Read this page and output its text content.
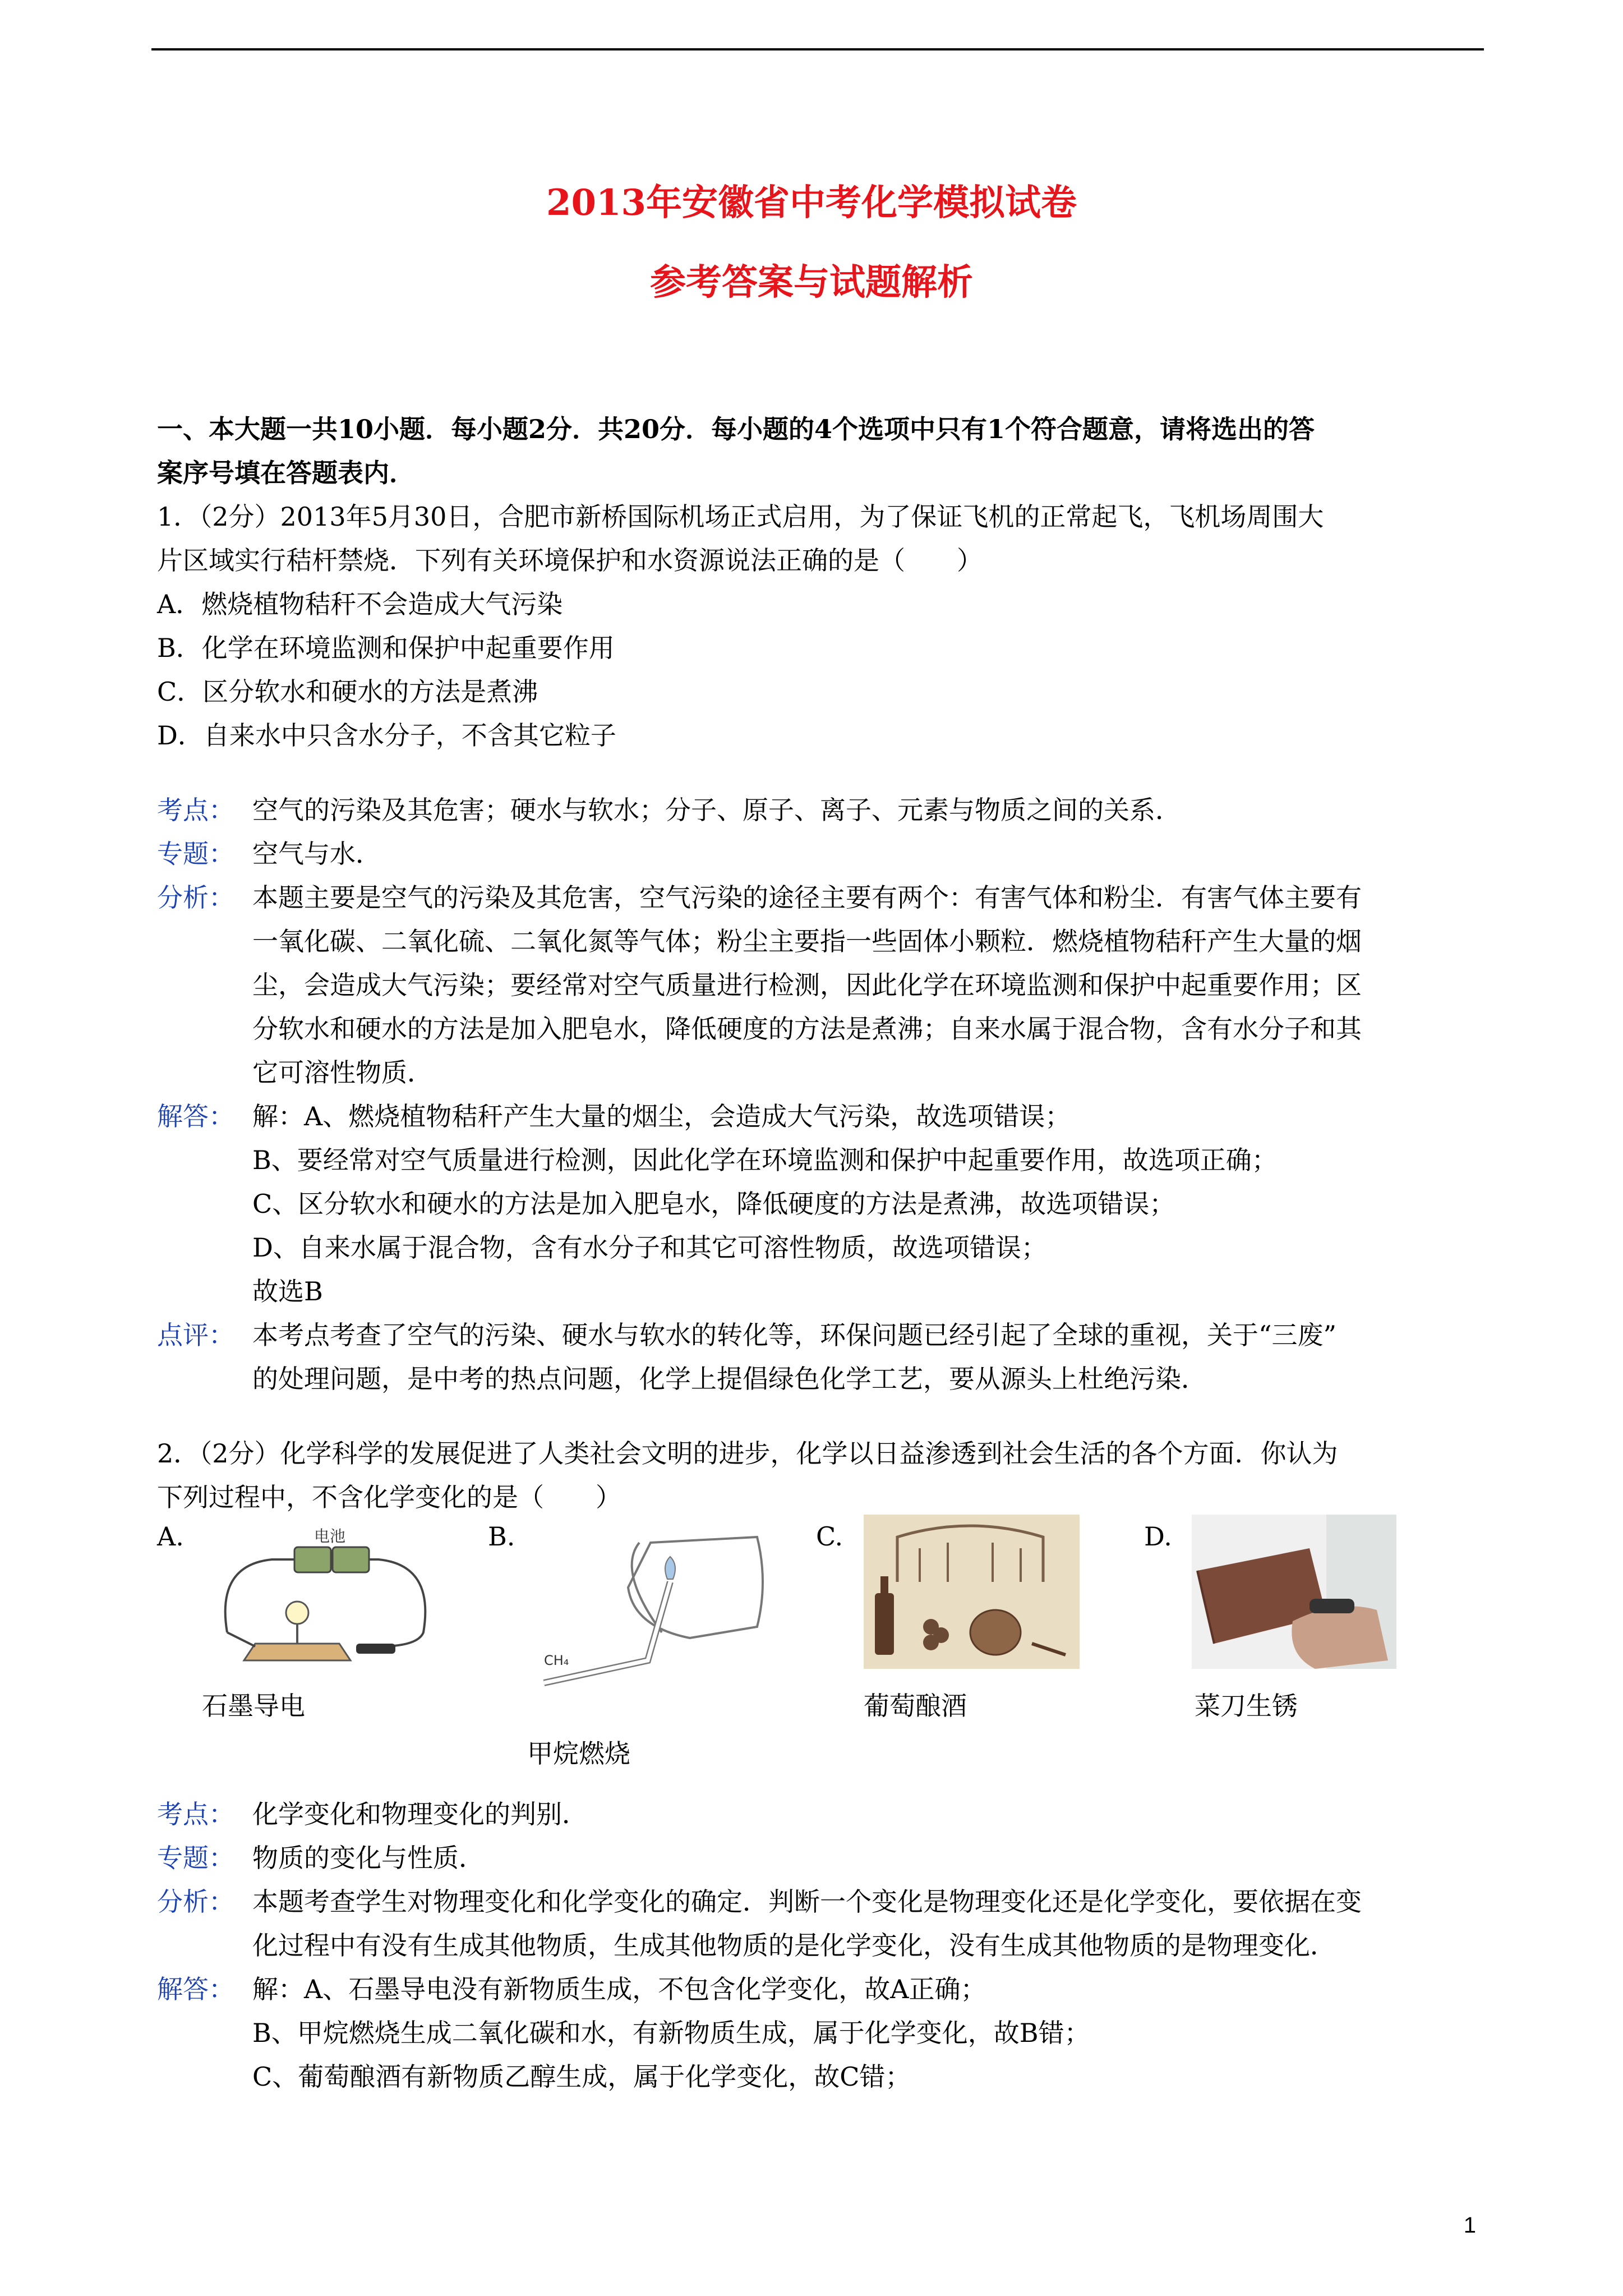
2013年安徽省中考化学模拟试卷
参考答案与试题解析
一、本大题一共10小题．每小题2分．共20分．每小题的4个选项中只有1个符合题意，请将选出的答
案序号填在答题表内．
1．（2分）2013年5月30日，合肥市新桥国际机场正式启用，为了保证飞机的正常起飞，飞机场周围大
片区域实行秸杆禁烧．下列有关环境保护和水资源说法正确的是（　　）
A．燃烧植物秸秆不会造成大气污染
B．化学在环境监测和保护中起重要作用
C．区分软水和硬水的方法是煮沸
D．自来水中只含水分子，不含其它粒子
考点： 空气的污染及其危害；硬水与软水；分子、原子、离子、元素与物质之间的关系．
专题： 空气与水．
分析： 本题主要是空气的污染及其危害，空气污染的途径主要有两个：有害气体和粉尘．有害气体主要有
一氧化碳、二氧化硫、二氧化氮等气体；粉尘主要指一些固体小颗粒．燃烧植物秸秆产生大量的烟
尘，会造成大气污染；要经常对空气质量进行检测，因此化学在环境监测和保护中起重要作用；区
分软水和硬水的方法是加入肥皂水，降低硬度的方法是煮沸；自来水属于混合物，含有水分子和其
它可溶性物质．
解答： 解：A、燃烧植物秸秆产生大量的烟尘，会造成大气污染，故选项错误；
B、要经常对空气质量进行检测，因此化学在环境监测和保护中起重要作用，故选项正确；
C、区分软水和硬水的方法是加入肥皂水，降低硬度的方法是煮沸，故选项错误；
D、自来水属于混合物，含有水分子和其它可溶性物质，故选项错误；
故选B
点评： 本考点考查了空气的污染、硬水与软水的转化等，环保问题已经引起了全球的重视，关于“三废”
的处理问题，是中考的热点问题，化学上提倡绿色化学工艺，要从源头上杜绝污染．
2．（2分）化学科学的发展促进了人类社会文明的进步，化学以日益渗透到社会生活的各个方面．你认为
下列过程中，不含化学变化的是（　　）
A.	电池
石墨导电
B.
CH₄
甲烷燃烧
C.
葡萄酿酒
D.
菜刀生锈
考点： 化学变化和物理变化的判别．
专题： 物质的变化与性质．
分析： 本题考查学生对物理变化和化学变化的确定．判断一个变化是物理变化还是化学变化，要依据在变
化过程中有没有生成其他物质，生成其他物质的是化学变化，没有生成其他物质的是物理变化．
解答： 解：A、石墨导电没有新物质生成，不包含化学变化，故A正确；
B、甲烷燃烧生成二氧化碳和水，有新物质生成，属于化学变化，故B错；
C、葡萄酿酒有新物质乙醇生成，属于化学变化，故C错；
1
